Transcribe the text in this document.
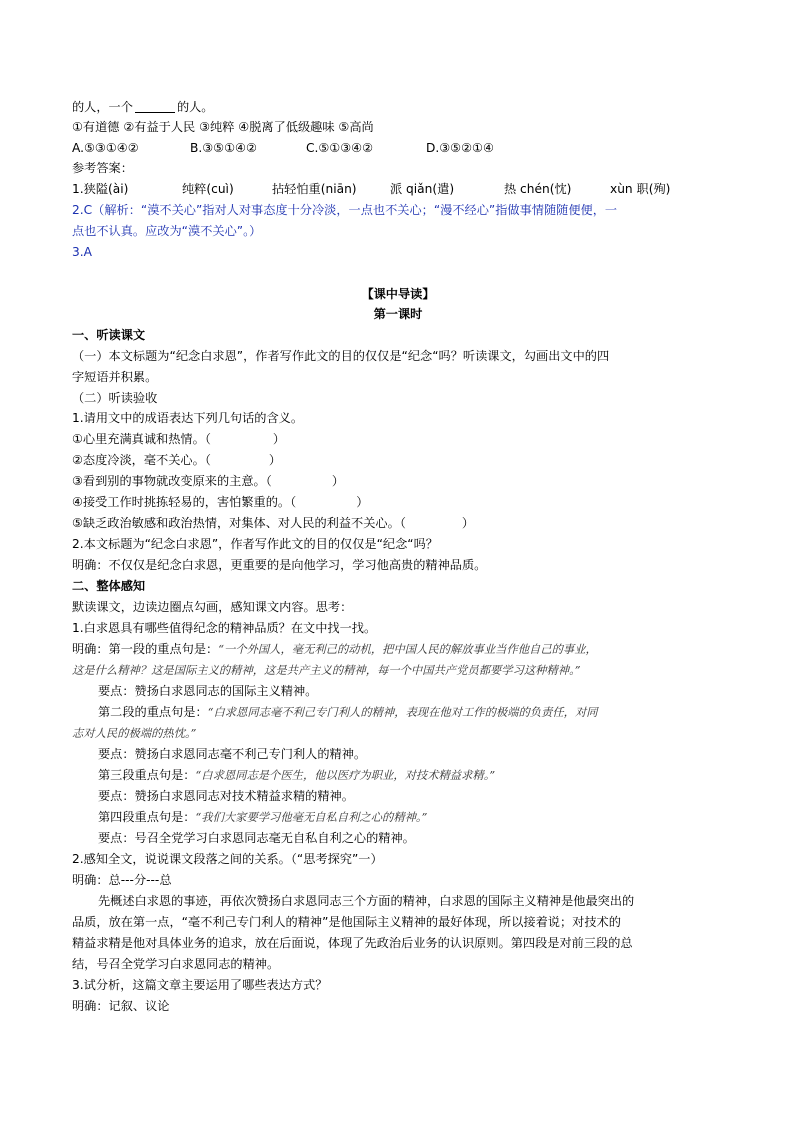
的人，一个	的人。
①有道德 ②有益于人民 ③纯粹 ④脱离了低级趣味 ⑤高尚
A.⑤③①④②	B.③⑤①④②	C.⑤①③④②	D.③⑤②①④
参考答案：
1.狭隘(ài)	纯粹(cuì)	拈轻怕重(niān)	派 qiǎn(遣)	热 chén(忱)	xùn 职(殉)
2.C（解析：“漠不关心”指对人对事态度十分冷淡，一点也不关心；“漫不经心”指做事情随随便便，一
点也不认真。应改为“漠不关心”。）
3.A
【课中导读】
第一课时
一、听读课文
（一）本文标题为“纪念白求恩”，作者写作此文的目的仅仅是“纪念“吗？听读课文，勾画出文中的四
字短语并积累。
（二）听读验收
1.请用文中的成语表达下列几句话的含义。
①心里充满真诚和热情。（	）
②态度冷淡，毫不关心。（	）
③看到别的事物就改变原来的主意。（	）
④接受工作时挑拣轻易的，害怕繁重的。（	）
⑤缺乏政治敏感和政治热情，对集体、对人民的利益不关心。（	）
2.本文标题为“纪念白求恩”，作者写作此文的目的仅仅是“纪念“吗？
明确：不仅仅是纪念白求恩，更重要的是向他学习，学习他高贵的精神品质。
二、整体感知
默读课文，边读边圈点勾画，感知课文内容。思考：
1.白求恩具有哪些值得纪念的精神品质？在文中找一找。
明确：第一段的重点句是：“一个外国人，毫无利己的动机，把中国人民的解放事业当作他自己的事业，
这是什么精神？这是国际主义的精神，这是共产主义的精神，每一个中国共产党员都要学习这种精神。”
要点：赞扬白求恩同志的国际主义精神。
第二段的重点句是：“白求恩同志毫不利己专门利人的精神，表现在他对工作的极端的负责任，对同
志对人民的极端的热忱。”
要点：赞扬白求恩同志毫不利己专门利人的精神。
第三段重点句是：“白求恩同志是个医生，他以医疗为职业，对技术精益求精。”
要点：赞扬白求恩同志对技术精益求精的精神。
第四段重点句是：“我们大家要学习他毫无自私自利之心的精神。”
要点：号召全党学习白求恩同志毫无自私自利之心的精神。
2.感知全文，说说课文段落之间的关系。（“思考探究”一）
明确：总---分---总
先概述白求恩的事迹，再依次赞扬白求恩同志三个方面的精神，白求恩的国际主义精神是他最突出的
品质，放在第一点，“毫不利己专门利人的精神”是他国际主义精神的最好体现，所以接着说；对技术的
精益求精是他对具体业务的追求，放在后面说，体现了先政治后业务的认识原则。第四段是对前三段的总
结，号召全党学习白求恩同志的精神。
3.试分析，这篇文章主要运用了哪些表达方式？
明确：记叙、议论
